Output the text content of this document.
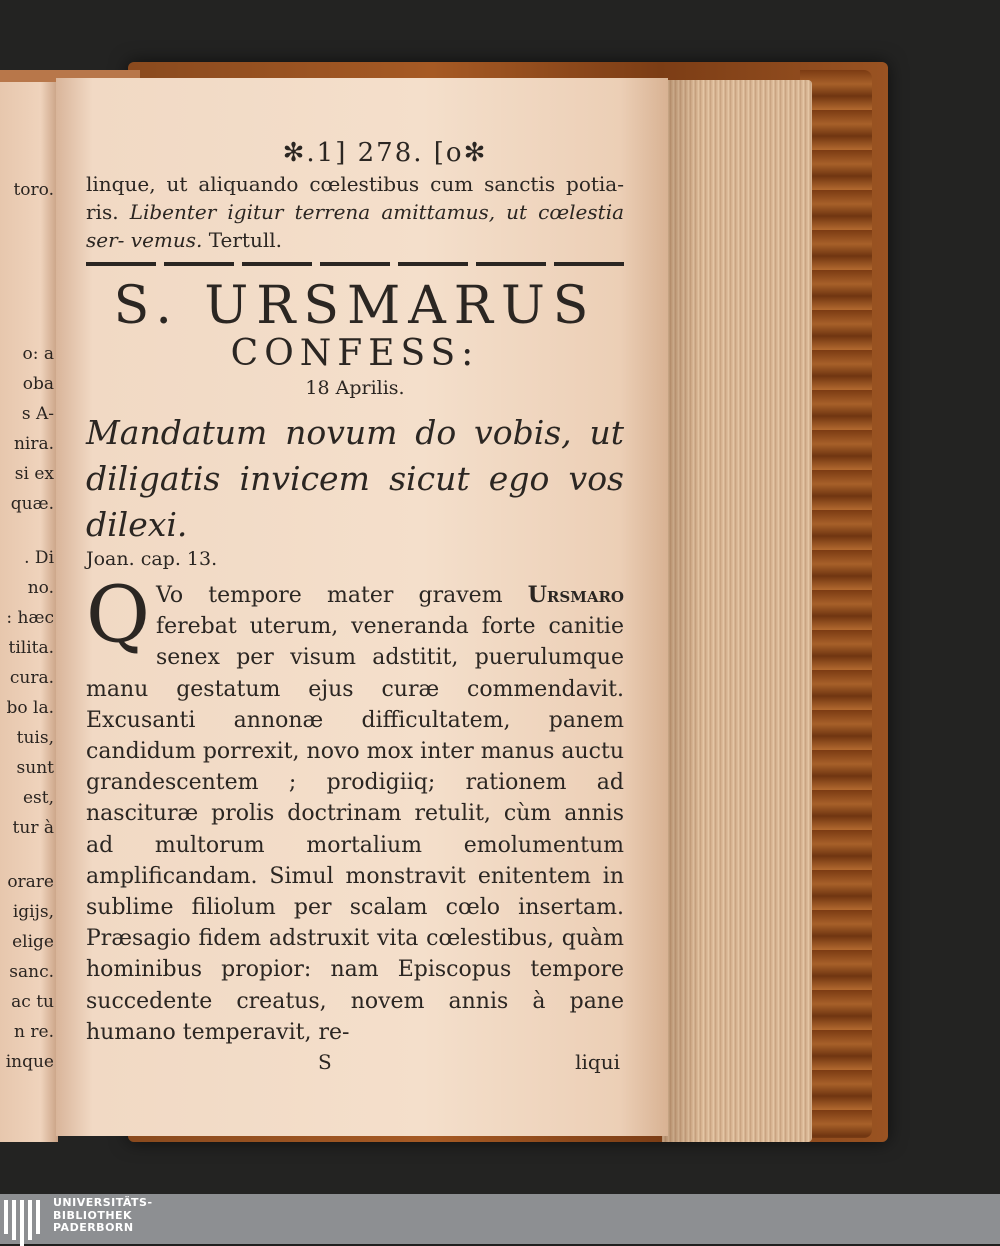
toro.
o: a
oba
s A-
nira.
si ex
quæ.
. Di
no.
: hæc
tilita.
cura.
bo la.
tuis,
sunt
est,
tur à
orare
igijs,
elige
sanc.
ac tu
n re.
inque
✻.1] 278. [o✻

linque, ut aliquando cœlestibus cum sanctis potia- ris. Libenter igitur terrena amittamus, ut cœlestia ser- vemus. Tertull.

S. URSMARUS
CONFESS:
18 Aprilis.

Mandatum novum do vobis, ut diligatis invicem sicut ego vos dilexi.

Joan. cap. 13.

Q Vo tempore mater gravem Ursmaro ferebat uterum, veneranda forte canitie senex per visum adstitit, puerulumque manu gestatum ejus curæ commendavit. Excusanti annonæ difficultatem, panem candidum porrexit, novo mox inter manus auctu grandescentem ; prodigiiq; rationem ad nascituræ prolis doctrinam retulit, cùm annis ad multorum mortalium emolumentum amplificandam. Simul monstravit enitentem in sublime filiolum per scalam cœlo insertam. Præsagio fidem adstruxit vita cœlestibus, quàm hominibus propior: nam Episcopus tempore succedente creatus, novem annis à pane humano temperavit, re-

S	liqui
UNIVERSITÄTS-
BIBLIOTHEK
PADERBORN
